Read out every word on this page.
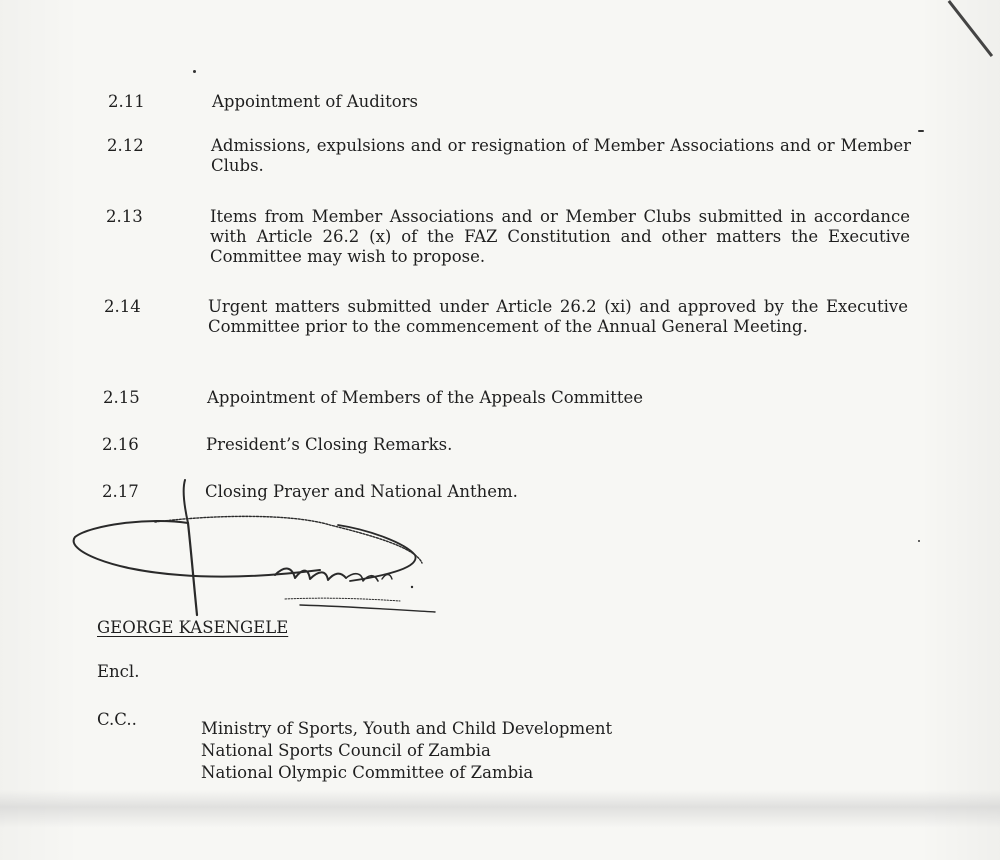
2.11	Appointment of Auditors
2.12	Admissions, expulsions and or resignation of Member Associations and or Member Clubs.
2.13	Items from Member Associations and or Member Clubs submitted in accordance with Article 26.2 (x) of the FAZ Constitution and other matters the Executive Committee may wish to propose.
2.14	Urgent matters submitted under Article 26.2 (xi) and approved by the Executive Committee prior to the commencement of the Annual General Meeting.
2.15	Appointment of Members of the Appeals Committee
2.16	President’s Closing Remarks.
2.17	Closing Prayer and National Anthem.
GEORGE KASENGELE
Encl.
C.C..	Ministry of Sports, Youth and Child Development
National Sports Council of Zambia
National Olympic Committee of Zambia
